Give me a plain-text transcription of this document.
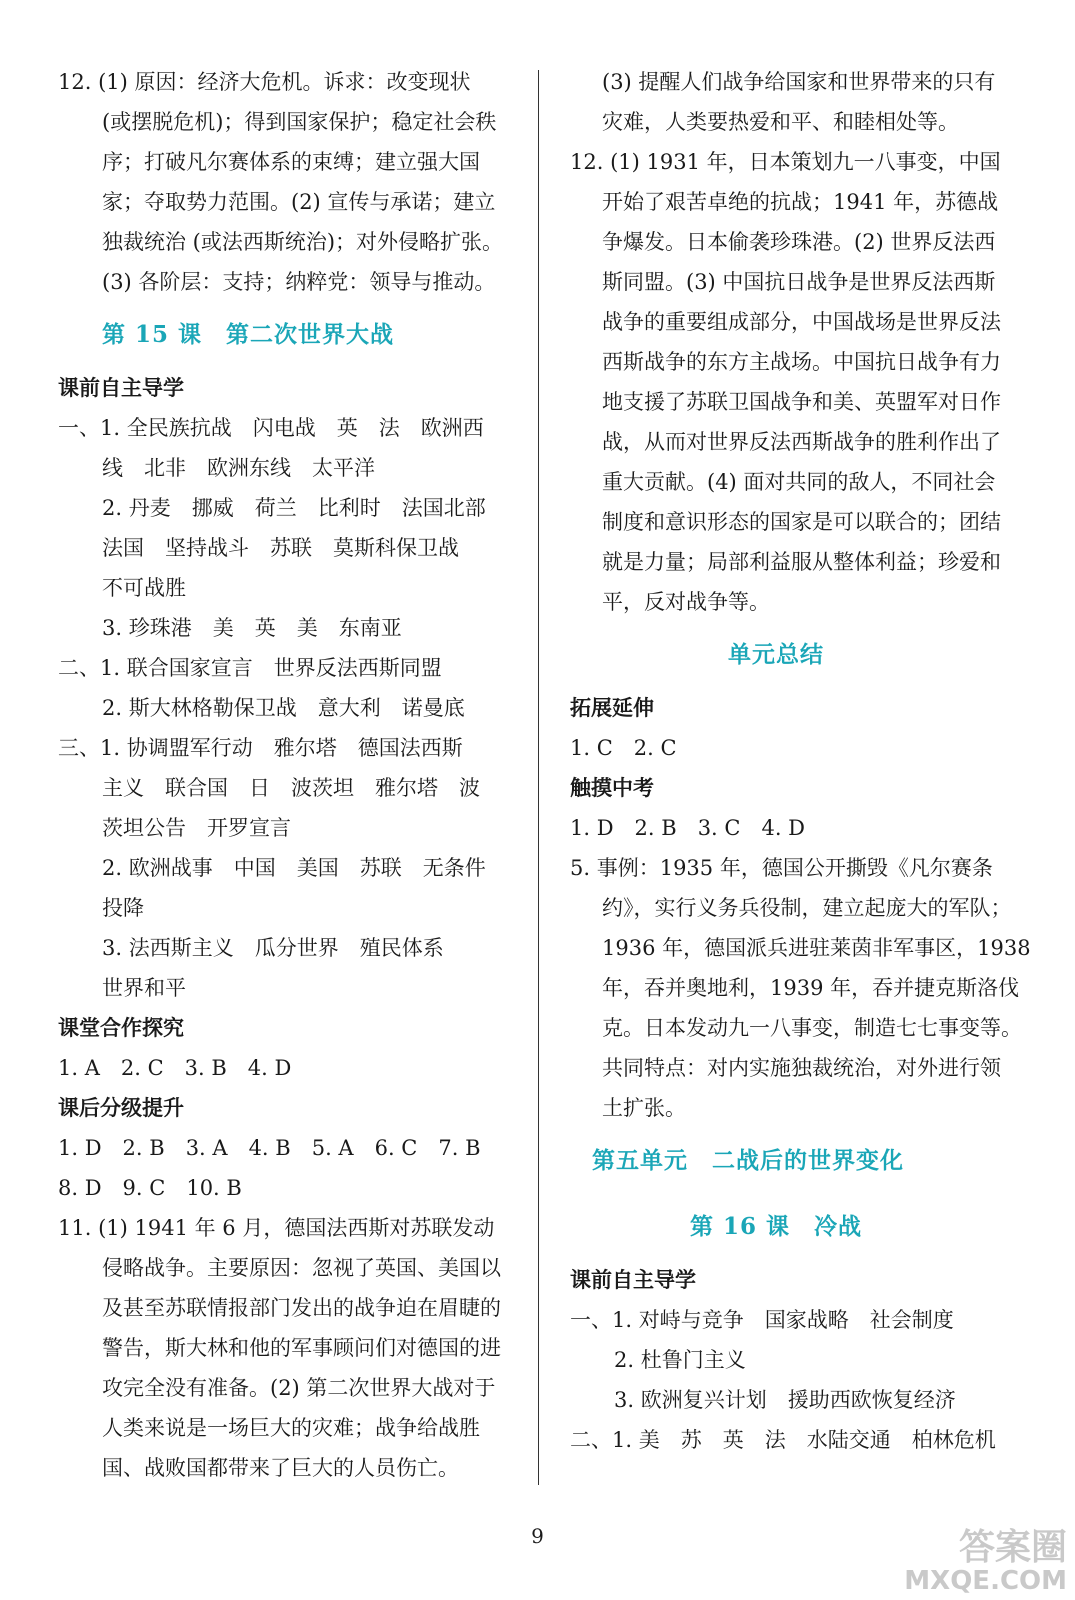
12. (1) 原因：经济大危机。诉求：改变现状
(或摆脱危机)；得到国家保护；稳定社会秩
序；打破凡尔赛体系的束缚；建立强大国
家；夺取势力范围。(2) 宣传与承诺；建立
独裁统治 (或法西斯统治)；对外侵略扩张。
(3) 各阶层：支持；纳粹党：领导与推动。
第 15 课　第二次世界大战
课前自主导学
一、1. 全民族抗战　闪电战　英　法　欧洲西
线　北非　欧洲东线　太平洋
2. 丹麦　挪威　荷兰　比利时　法国北部
法国　坚持战斗　苏联　莫斯科保卫战
不可战胜
3. 珍珠港　美　英　美　东南亚
二、1. 联合国家宣言　世界反法西斯同盟
2. 斯大林格勒保卫战　意大利　诺曼底
三、1. 协调盟军行动　雅尔塔　德国法西斯
主义　联合国　日　波茨坦　雅尔塔　波
茨坦公告　开罗宣言
2. 欧洲战事　中国　美国　苏联　无条件
投降
3. 法西斯主义　瓜分世界　殖民体系
世界和平
课堂合作探究
1. A　2. C　3. B　4. D
课后分级提升
1. D　2. B　3. A　4. B　5. A　6. C　7. B
8. D　9. C　10. B
11. (1) 1941 年 6 月，德国法西斯对苏联发动
侵略战争。主要原因：忽视了英国、美国以
及甚至苏联情报部门发出的战争迫在眉睫的
警告，斯大林和他的军事顾问们对德国的进
攻完全没有准备。(2) 第二次世界大战对于
人类来说是一场巨大的灾难；战争给战胜
国、战败国都带来了巨大的人员伤亡。
(3) 提醒人们战争给国家和世界带来的只有
灾难，人类要热爱和平、和睦相处等。
12. (1) 1931 年，日本策划九一八事变，中国
开始了艰苦卓绝的抗战；1941 年，苏德战
争爆发。日本偷袭珍珠港。(2) 世界反法西
斯同盟。(3) 中国抗日战争是世界反法西斯
战争的重要组成部分，中国战场是世界反法
西斯战争的东方主战场。中国抗日战争有力
地支援了苏联卫国战争和美、英盟军对日作
战，从而对世界反法西斯战争的胜利作出了
重大贡献。(4) 面对共同的敌人，不同社会
制度和意识形态的国家是可以联合的；团结
就是力量；局部利益服从整体利益；珍爱和
平，反对战争等。
单元总结
拓展延伸
1. C　2. C
触摸中考
1. D　2. B　3. C　4. D
5. 事例：1935 年，德国公开撕毁《凡尔赛条
约》，实行义务兵役制，建立起庞大的军队；
1936 年，德国派兵进驻莱茵非军事区，1938
年，吞并奥地利，1939 年，吞并捷克斯洛伐
克。日本发动九一八事变，制造七七事变等。
共同特点：对内实施独裁统治，对外进行领
土扩张。
第五单元　二战后的世界变化
第 16 课　冷战
课前自主导学
一、1. 对峙与竞争　国家战略　社会制度
2. 杜鲁门主义
3. 欧洲复兴计划　援助西欧恢复经济
二、1. 美　苏　英　法　水陆交通　柏林危机
9	答案圈
MXQE.COM
